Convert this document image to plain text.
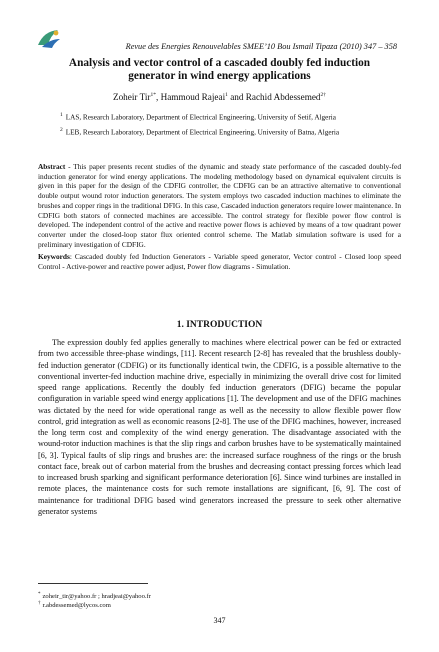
Revue des Energies Renouvelables SMEE’10 Bou Ismail Tipaza (2010) 347 – 358
Analysis and vector control of a cascaded doubly fed induction generator in wind energy applications
Zoheir Tir$^{1*}$, Hammoud Rajeai$^1$ and Rachid Abdessemed$^{2\dagger}$
$^1$ LAS, Research Laboratory, Department of Electrical Engineering, University of Setif, Algeria
$^2$ LEB, Research Laboratory, Department of Electrical Engineering, University of Batna, Algeria
Abstract - This paper presents recent studies of the dynamic and steady state performance of the cascaded doubly-fed induction generator for wind energy applications. The modeling methodology based on dynamical equivalent circuits is given in this paper for the design of the CDFIG controller, the CDFIG can be an attractive alternative to conventional double output wound rotor induction generators. The system employs two cascaded induction machines to eliminate the brushes and copper rings in the traditional DFIG. In this case, Cascaded induction generators require lower maintenance. In CDFIG both stators of connected machines are accessible. The control strategy for flexible power flow control is developed. The independent control of the active and reactive power flows is achieved by means of a tow quadrant power converter under the closed-loop stator flux oriented control scheme. The Matlab simulation software is used for a preliminary investigation of CDFIG.
Keywords: Cascaded doubly fed Induction Generators - Variable speed generator, Vector control - Closed loop speed Control - Active-power and reactive power adjust, Power flow diagrams - Simulation.
1. INTRODUCTION
The expression doubly fed applies generally to machines where electrical power can be fed or extracted from two accessible three-phase windings, [11]. Recent research [2-8] has revealed that the brushless doubly-fed induction generator (CDFIG) or its functionally identical twin, the CDFIG, is a possible alternative to the conventional inverter-fed induction machine drive, especially in minimizing the overall drive cost for limited speed range applications. Recently the doubly fed induction generators (DFIG) became the popular configuration in variable speed wind energy applications [1]. The development and use of the DFIG machines was dictated by the need for wide operational range as well as the necessity to allow flexible power flow control, grid integration as well as economic reasons [2-8]. The use of the DFIG machines, however, increased the long term cost and complexity of the wind energy generation. The disadvantage associated with the wound-rotor induction machines is that the slip rings and carbon brushes have to be systematically maintained [6, 3]. Typical faults of slip rings and brushes are: the increased surface roughness of the rings or the brush contact face, break out of carbon material from the brushes and decreasing contact pressing forces which lead to increased brush sparking and significant performance deterioration [6]. Since wind turbines are installed in remote places, the maintenance costs for such remote installations are significant, [6, 9]. The cost of maintenance for traditional DFIG based wind generators increased the pressure to seek other alternative generator systems
* zoheir_tir@yahoo.fr ; hradjeai@yahoo.fr
† r.abdessemed@lycos.com
347
